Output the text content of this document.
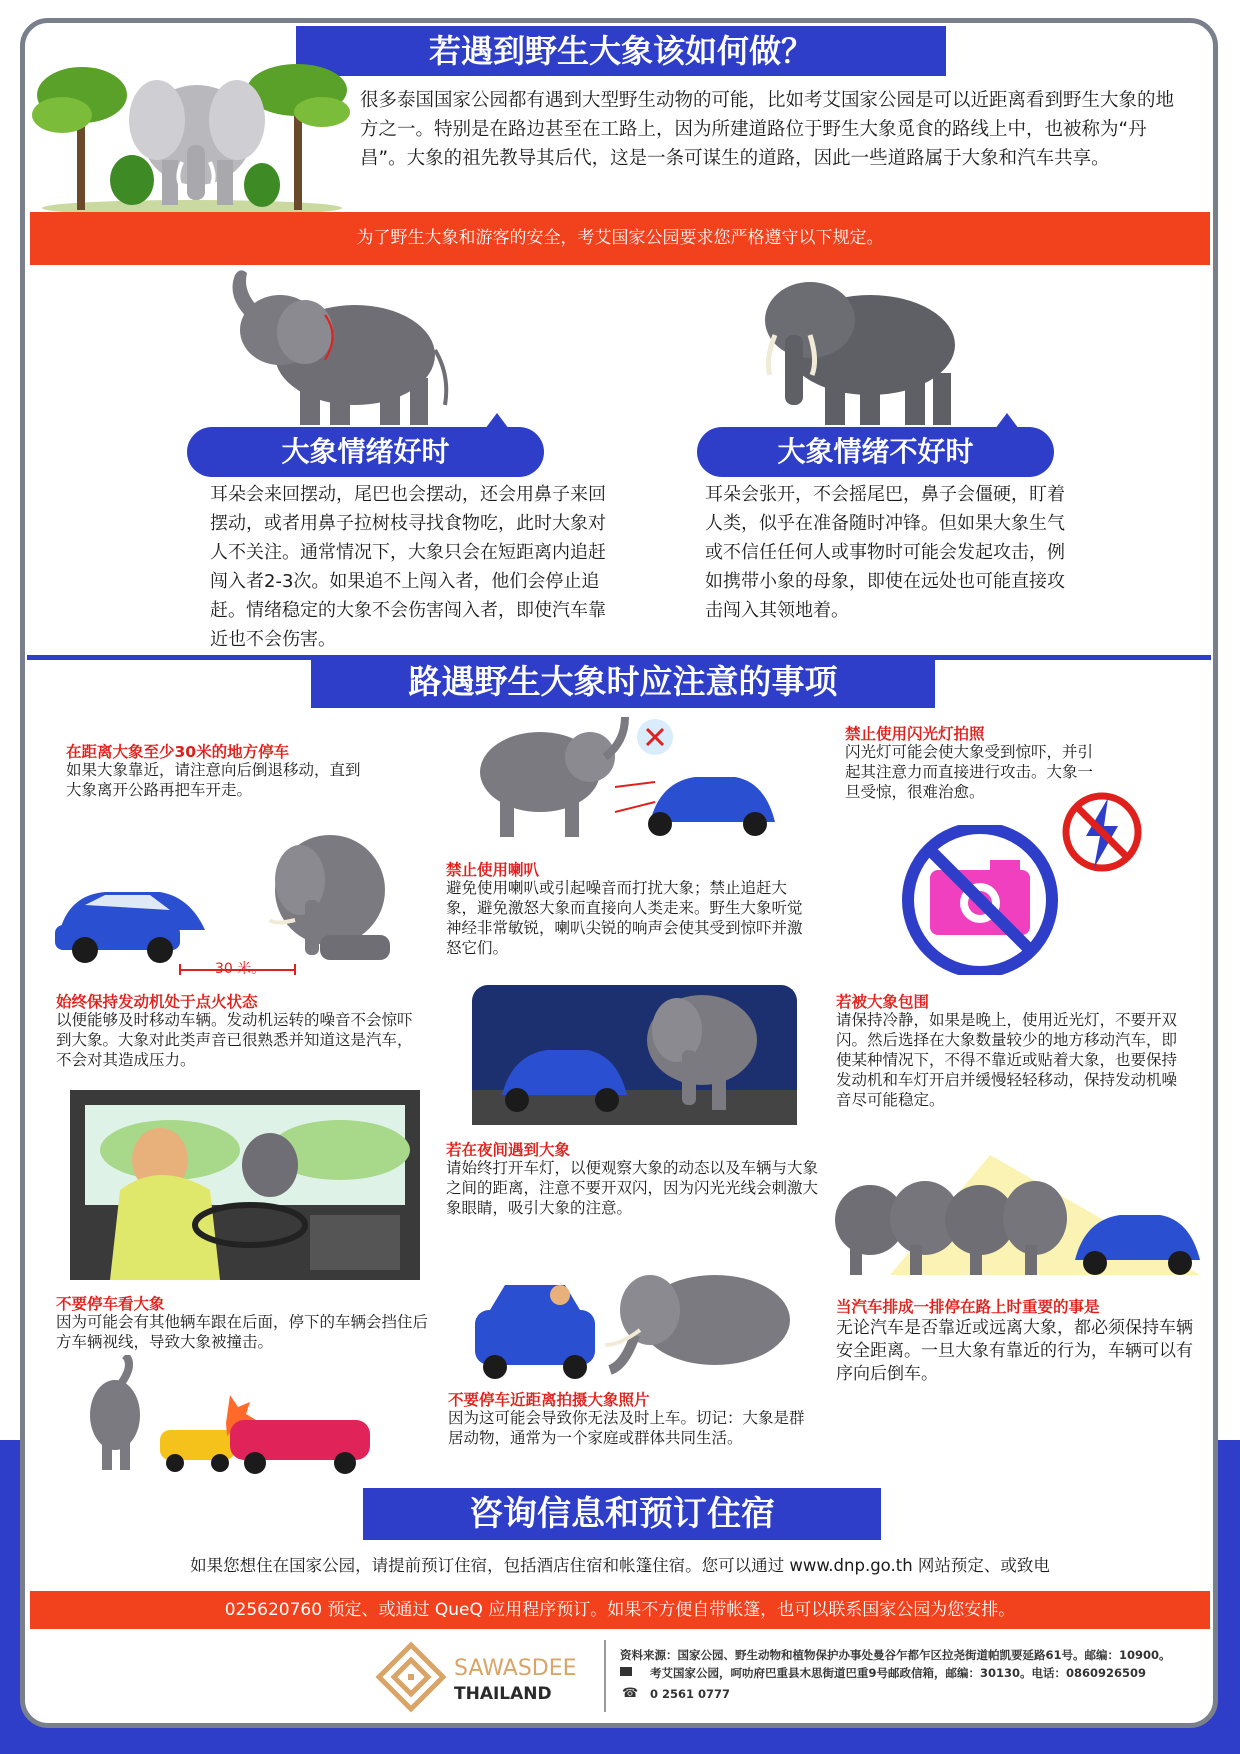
若遇到野生大象该如何做？
很多泰国国家公园都有遇到大型野生动物的可能，比如考艾国家公园是可以近距离看到野生大象的地方之一。特别是在路边甚至在工路上，因为所建道路位于野生大象觅食的路线上中，也被称为“丹昌”。大象的祖先教导其后代，这是一条可谋生的道路，因此一些道路属于大象和汽车共享。
为了野生大象和游客的安全，考艾国家公园要求您严格遵守以下规定。
大象情绪好时	大象情绪不好时
耳朵会来回摆动，尾巴也会摆动，还会用鼻子来回摆动，或者用鼻子拉树枝寻找食物吃，此时大象对人不关注。通常情况下，大象只会在短距离内追赶闯入者2-3次。如果追不上闯入者，他们会停止追赶。情绪稳定的大象不会伤害闯入者，即使汽车靠近也不会伤害。
耳朵会张开，不会摇尾巴，鼻子会僵硬，盯着人类，似乎在准备随时冲锋。但如果大象生气或不信任任何人或事物时可能会发起攻击，例如携带小象的母象，即使在远处也可能直接攻击闯入其领地着。
路遇野生大象时应注意的事项
在距离大象至少30米的地方停车
如果大象靠近，请注意向后倒退移动，直到大象离开公路再把车开走。
30 米。
始终保持发动机处于点火状态
以便能够及时移动车辆。发动机运转的噪音不会惊吓到大象。大象对此类声音已很熟悉并知道这是汽车，不会对其造成压力。
不要停车看大象
因为可能会有其他辆车跟在后面，停下的车辆会挡住后方车辆视线，导致大象被撞击。
禁止使用喇叭
避免使用喇叭或引起噪音而打扰大象；禁止追赶大象，避免激怒大象而直接向人类走来。野生大象听觉神经非常敏锐，喇叭尖锐的响声会使其受到惊吓并激怒它们。
若在夜间遇到大象
请始终打开车灯，以便观察大象的动态以及车辆与大象之间的距离，注意不要开双闪，因为闪光光线会刺激大象眼睛，吸引大象的注意。
不要停车近距离拍摄大象照片
因为这可能会导致你无法及时上车。切记：大象是群居动物，通常为一个家庭或群体共同生活。
禁止使用闪光灯拍照
闪光灯可能会使大象受到惊吓，并引起其注意力而直接进行攻击。大象一旦受惊，很难治愈。
若被大象包围
请保持冷静，如果是晚上，使用近光灯，不要开双闪。然后选择在大象数量较少的地方移动汽车，即使某种情况下，不得不靠近或贴着大象，也要保持发动机和车灯开启并缓慢轻轻移动，保持发动机噪音尽可能稳定。
当汽车排成一排停在路上时重要的事是
无论汽车是否靠近或远离大象，都必须保持车辆安全距离。一旦大象有靠近的行为，车辆可以有序向后倒车。
咨询信息和预订住宿
如果您想住在国家公园，请提前预订住宿，包括酒店住宿和帐篷住宿。您可以通过 www.dnp.go.th 网站预定、或致电
025620760 预定、或通过 QueQ 应用程序预订。如果不方便自带帐篷，也可以联系国家公园为您安排。
SAWASDEE
THAILAND
资料来源：国家公园、野生动物和植物保护办事处曼谷乍都乍区拉尧街道帕凯要延路61号。邮编：10900。
考艾国家公园，呵叻府巴重县木思街道巴重9号邮政信箱，邮编：30130。电话：0860926509
☎ 0 2561 0777
